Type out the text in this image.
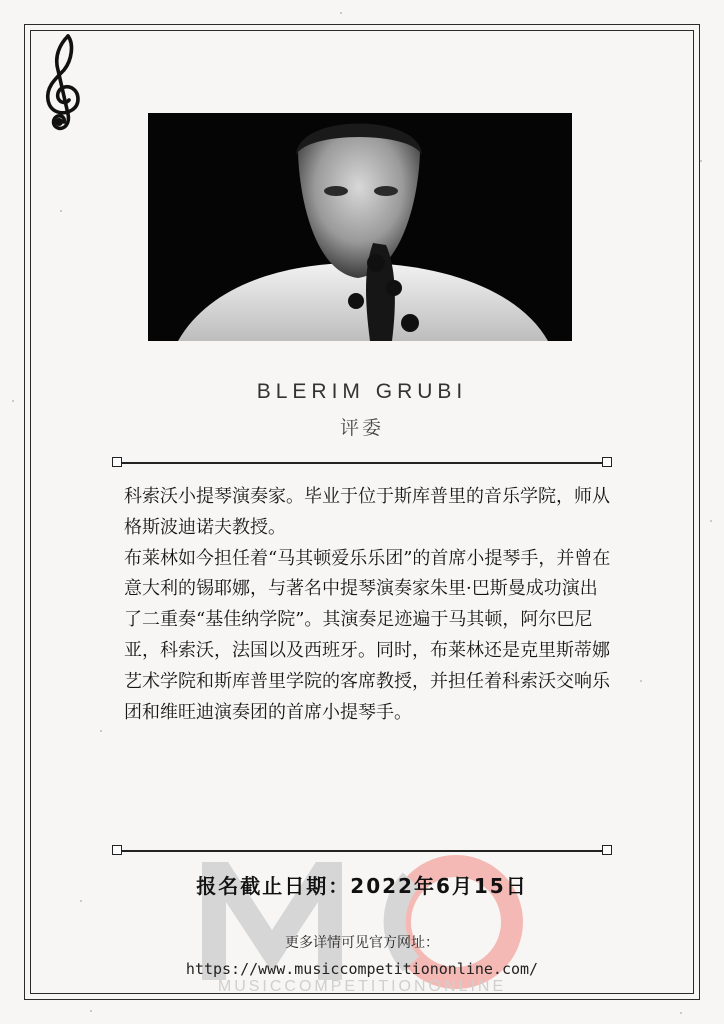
BLERIM GRUBI
评委

科索沃小提琴演奏家。毕业于位于斯库普里的音乐学院，师从格斯波迪诺夫教授。

布莱林如今担任着“马其顿爱乐乐团”的首席小提琴手，并曾在意大利的锡耶娜，与著名中提琴演奏家朱里·巴斯曼成功演出了二重奏“基佳纳学院”。其演奏足迹遍于马其顿，阿尔巴尼亚，科索沃，法国以及西班牙。同时，布莱林还是克里斯蒂娜艺术学院和斯库普里学院的客席教授，并担任着科索沃交响乐团和维旺迪演奏团的首席小提琴手。

MUSICCOMPETITIONONLINE
报名截止日期：2022年6月15日
更多详情可见官方网址：
https://www.musiccompetitiononline.com/
